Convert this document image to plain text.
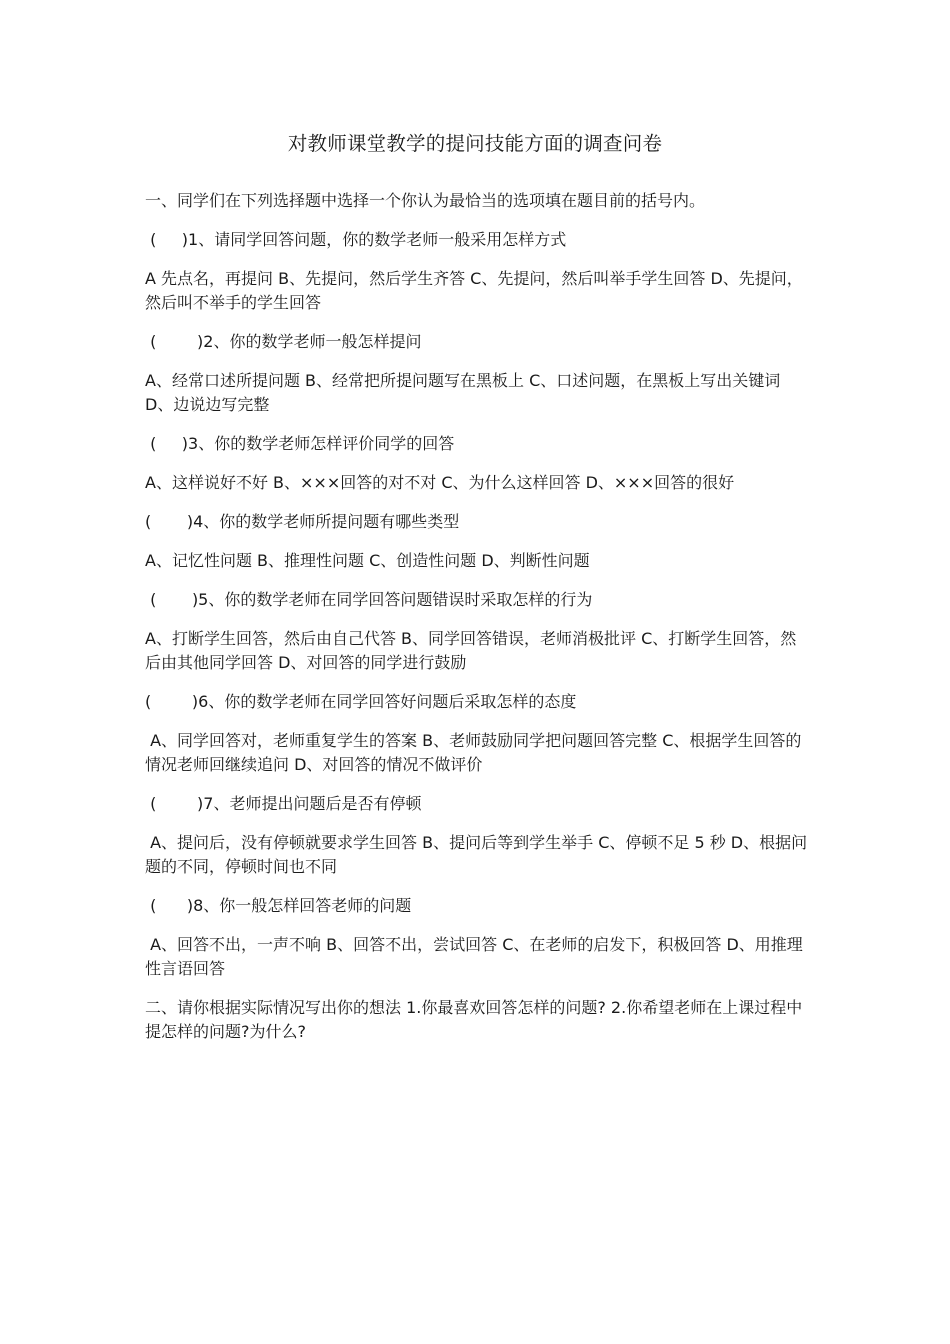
对教师课堂教学的提问技能方面的调查问卷

一、同学们在下列选择题中选择一个你认为最恰当的选项填在题目前的括号内。

(     )1、请同学回答问题，你的数学老师一般采用怎样方式

A 先点名，再提问 B、先提问，然后学生齐答 C、先提问，然后叫举手学生回答 D、先提问，然后叫不举手的学生回答

(        )2、你的数学老师一般怎样提问

A、经常口述所提问题 B、经常把所提问题写在黑板上 C、口述问题，在黑板上写出关键词 D、边说边写完整

(     )3、你的数学老师怎样评价同学的回答

A、这样说好不好 B、×××回答的对不对 C、为什么这样回答 D、×××回答的很好

(       )4、你的数学老师所提问题有哪些类型

A、记忆性问题 B、推理性问题 C、创造性问题 D、判断性问题

(       )5、你的数学老师在同学回答问题错误时采取怎样的行为

A、打断学生回答，然后由自己代答 B、同学回答错误，老师消极批评 C、打断学生回答，然后由其他同学回答 D、对回答的同学进行鼓励

(        )6、你的数学老师在同学回答好问题后采取怎样的态度

A、同学回答对，老师重复学生的答案 B、老师鼓励同学把问题回答完整 C、根据学生回答的情况老师回继续追问 D、对回答的情况不做评价

(        )7、老师提出问题后是否有停顿

A、提问后，没有停顿就要求学生回答 B、提问后等到学生举手 C、停顿不足 5 秒 D、根据问题的不同，停顿时间也不同

(      )8、你一般怎样回答老师的问题

A、回答不出，一声不响 B、回答不出，尝试回答 C、在老师的启发下，积极回答 D、用推理性言语回答

二、请你根据实际情况写出你的想法 1.你最喜欢回答怎样的问题? 2.你希望老师在上课过程中提怎样的问题?为什么?
